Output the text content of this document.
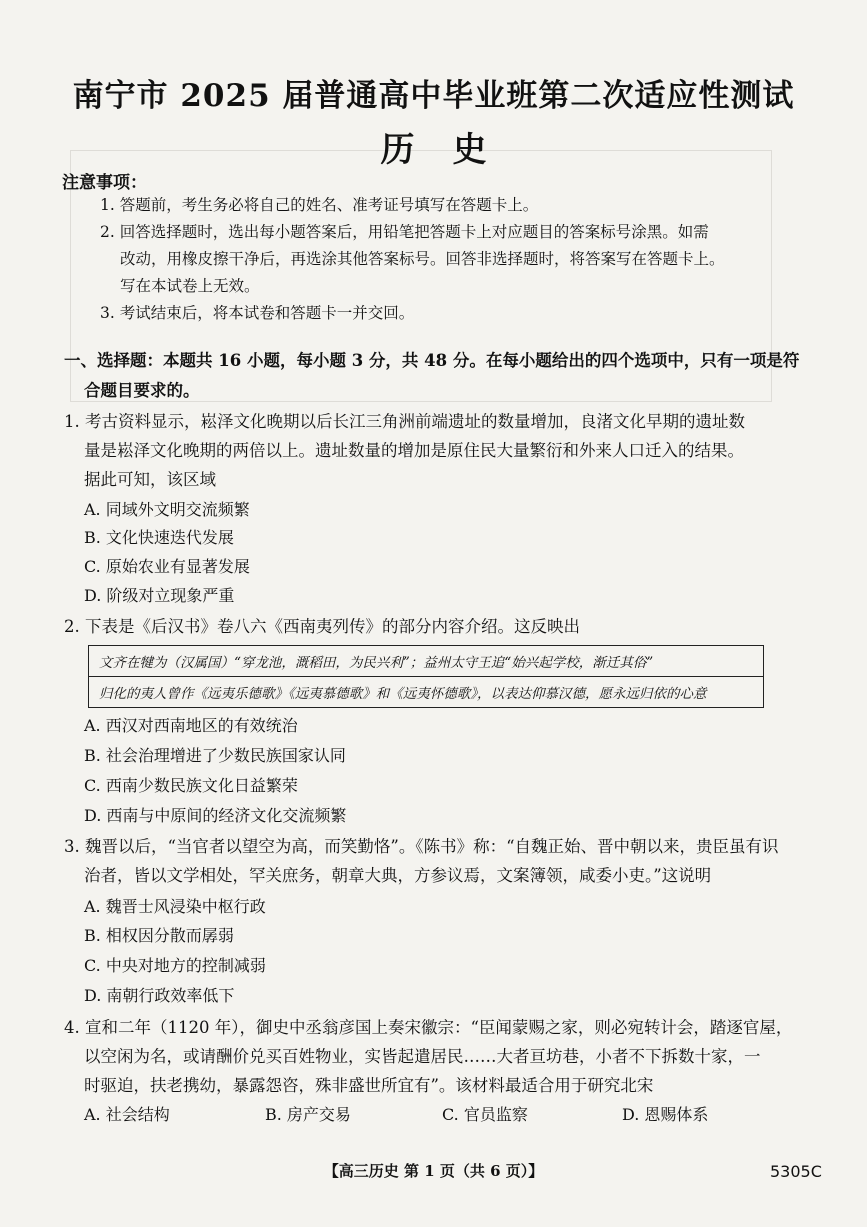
南宁市 2025 届普通高中毕业班第二次适应性测试
历史
注意事项：
1. 答题前，考生务必将自己的姓名、准考证号填写在答题卡上。
2. 回答选择题时，选出每小题答案后，用铅笔把答题卡上对应题目的答案标号涂黑。如需
改动，用橡皮擦干净后，再选涂其他答案标号。回答非选择题时，将答案写在答题卡上。
写在本试卷上无效。
3. 考试结束后，将本试卷和答题卡一并交回。
一、选择题：本题共 16 小题，每小题 3 分，共 48 分。在每小题给出的四个选项中，只有一项是符
合题目要求的。
1. 考古资料显示，崧泽文化晚期以后长江三角洲前端遗址的数量增加，良渚文化早期的遗址数
量是崧泽文化晚期的两倍以上。遗址数量的增加是原住民大量繁衍和外来人口迁入的结果。
据此可知，该区域
A. 同域外文明交流频繁
B. 文化快速迭代发展
C. 原始农业有显著发展
D. 阶级对立现象严重
2. 下表是《后汉书》卷八六《西南夷列传》的部分内容介绍。这反映出
文齐在犍为（汉属国）“穿龙池，溉稻田，为民兴利”；益州太守王追“始兴起学校，渐迁其俗”
归化的夷人曾作《远夷乐德歌》《远夷慕德歌》和《远夷怀德歌》，以表达仰慕汉德，愿永远归依的心意
A. 西汉对西南地区的有效统治
B. 社会治理增进了少数民族国家认同
C. 西南少数民族文化日益繁荣
D. 西南与中原间的经济文化交流频繁
3. 魏晋以后，“当官者以望空为高，而笑勤恪”。《陈书》称：“自魏正始、晋中朝以来，贵臣虽有识
治者，皆以文学相处，罕关庶务，朝章大典，方参议焉，文案簿领，咸委小吏。”这说明
A. 魏晋士风浸染中枢行政
B. 相权因分散而孱弱
C. 中央对地方的控制减弱
D. 南朝行政效率低下
4. 宣和二年（1120 年），御史中丞翁彦国上奏宋徽宗：“臣闻蒙赐之家，则必宛转计会，踏逐官屋，
以空闲为名，或请酬价兑买百姓物业，实皆起遣居民……大者亘坊巷，小者不下拆数十家，一
时驱迫，扶老携幼，暴露怨咨，殊非盛世所宜有”。该材料最适合用于研究北宋
A. 社会结构	B. 房产交易	C. 官员监察	D. 恩赐体系
【高三历史 第 1 页（共 6 页）】	5305C
